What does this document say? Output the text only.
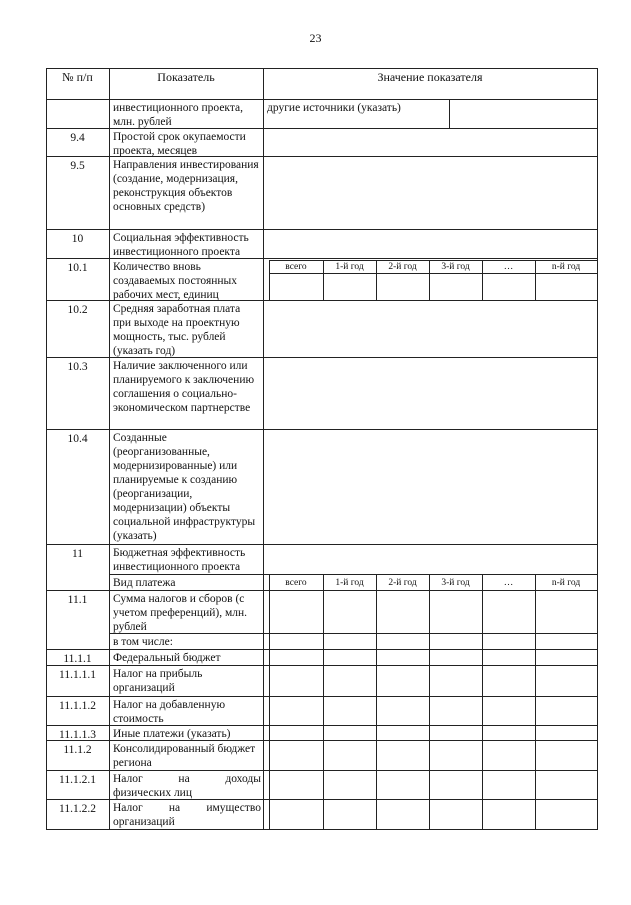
23
№ п/п	Показатель	Значение показателя
инвестиционного проекта, млн. рублей
другие источники (указать)
9.4	Простой срок окупаемости проекта, месяцев
9.5	Направления инвестирования (создание, модернизация, реконструкция объектов основных средств)
10	Социальная эффективность инвестиционного проекта
10.1	Количество вновь создаваемых постоянных рабочих мест, единиц
всего	1-й год	2-й год	3-й год	…	n-й год
10.2	Средняя заработная плата при выходе на проектную мощность, тыс. рублей (указать год)
10.3	Наличие заключенного или планируемого к заключению соглашения о социально-экономическом партнерстве
10.4	Созданные (реорганизованные, модернизированные) или планируемые к созданию (реорганизации, модернизации) объекты социальной инфраструктуры (указать)
11	Бюджетная эффективность инвестиционного проекта
Вид платежа	всего	1-й год	2-й год	3-й год	…	n-й год
11.1	Сумма налогов и сборов (с учетом преференций), млн. рублей
в том числе:
11.1.1	Федеральный бюджет
11.1.1.1	Налог на прибыль организаций
11.1.1.2	Налог на добавленную стоимость
11.1.1.3	Иные платежи (указать)
11.1.2	Консолидированный бюджет региона
11.1.2.1	Налог на доходы
физических лиц
11.1.2.2	Налог на имущество
организаций
